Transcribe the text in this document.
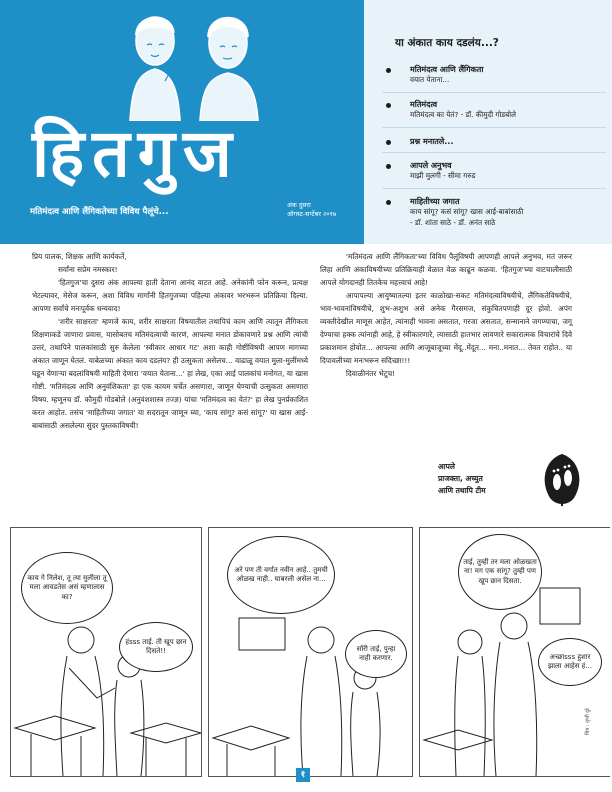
हितगुज
मतिमंदत्व आणि लैंगिकतेच्या विविध पैलूंचे...
अंक दुसरा
ऑगस्ट-सप्टेंबर २०१७
या अंकात काय दडलंय...?
मतिमंदत्व आणि लैंगिकता
वयात येताना...
मतिमंदत्व
मतिमंदत्व का येतं? - डॉ. कीमुदी गोडबोले
प्रश्न मनातले...
आपले अनुभव
माझी मुलगी - सीमा गरुड
माहितीच्या जगात
काय सांगू? कसं सांगू? खास आई-बाबांसाठी
- डॉ. शांता साठे - डॉ. अनंत साठे

प्रिय पालक, शिक्षक आणि कार्यकर्ते,

सर्वांना सप्रेम नमस्कार!

'हितगुज'चा दुसरा अंक आपल्या हाती देताना आनंद वाटत आहे. अनेकांनी फोन करून, प्रत्यक्ष भेटल्यावर, मेसेज करून, अशा विविध मार्गांनी हितगुजच्या पहिल्या अंकावर भरभरून प्रतिक्रिया दिल्या. आपणा सर्वांचे मनःपूर्वक धन्यवाद!

'शरीर साक्षरता' म्हणजे काय, शरीर साक्षरता विषयातील तथापिचं काम आणि त्यातून लैंगिकता शिक्षणाकडे जाणारा प्रवास, यासोबतच मतिमंदत्वाची कारणं, आपल्या मनात डोकावणारे प्रश्न आणि त्यांची उत्तरं, तथापिने पालकांसाठी सुरु केलेला 'स्वीकार आधार गट' अशा काही गोष्टींविषयी आपण मागच्या अंकात जाणून घेतलं. याबेळच्या अंकात काय दडलंय? ही उत्सुकता असेलच... वाढाळू वयात मुला-मुलींमध्ये घडून येणाऱ्या बदलांविषयी माहिती देणारा 'वयात येताना...' हा लेख, एका आई पालकांचं मनोगत, या खास गोष्टी. 'मतिमंदत्व आणि अनुवंशिकता' हा एक कायम चर्चेत असणारा, जाणून घेण्याची उत्सुकता असणारा विषय. म्हणूनच डॉ. कौमुदी गोडबोले (अनुवंशशास्त्र तज्ज्ञ) यांचा 'मतिमंदत्व का येतं?' हा लेख पुनर्प्रकाशित करत आहोत. तसंच 'माहितीच्या जगात' या सदरातून जाणून घ्या, 'काय सांगू? कसं सांगू?' या खास आई-बाबांसाठी असलेल्या सुंदर पुस्तकाविषयी!

'मतिमंदत्व आणि लैंगिकता'च्या विविध पैलूंविषयी आपणही आपले अनुभव, मतं जरूर लिहा आणि अंकाविषयीच्या प्रतिक्रियाही वेळात वेळ काढून कळवा. 'हितगुज'च्या वाटचालीसाठी आपले योगदानही तितकेच महत्त्वाचं आहे!

आपापल्या आयुष्यातल्या इतर काळोखा-सकट मतिमंदत्वाविषयीचे, लैंगिकतेविषयीचे, भाव-भावनांविषयीचे, शुभ-अशुभ असे अनेक गैरसमज, संकुचितपणाही दूर होवो. अपंग व्यक्तीदेखील माणूस आहेत, त्यांनाही भावना असतात, गरजा असतात, सन्मानाने जगण्याचा, जगू देण्याचा हक्क त्यांनाही आहे, हे स्वीकारणारे, त्यासाठी हातभार लावणारे सकारात्मक विचारांचे दिवे प्रकाशमान होवोत... आपल्या आणि आजूबाजूच्या मेंदू..मेंदूत... मना..मनात... तेवत राहोत.. या दिपावलीच्या मनःभरून सदिच्छा!!!

दिवाळीनंतर भेटूच!

आपले
प्राजक्ता, अच्युत
आणि तथापि टीम
काय गे निलेश, तू त्या मुलीला तू मला आवडतेस असं म्हणालास का?
हंsss ताई. ती खूप छान दिसते!!
अरे पण ती वर्गात नवीन आहे.. तुमची ओळख नाही.. घाबरली असेल ना...
सॉरी ताई, पुन्हा नाही करणार.
ताई, तुम्ही तर मला ओळखता ना! मग एक सांगू? तुम्ही पण खूप छान दिसता.
अच्छाsss हुशार झाला आहेस हं...
चित्र : तृप्ती दुरे
१
